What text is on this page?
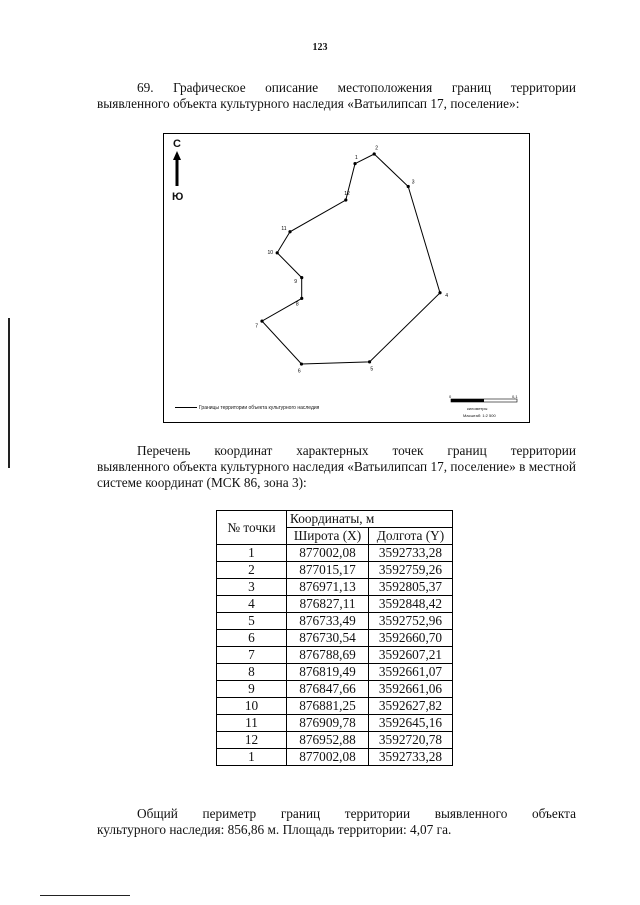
123
69. Графическое описание местоположения границ территории
выявленного объекта культурного наследия «Ватьилипсап 17, поселение»:
С
Ю
1
2
3
4
5
6
7
8
9
10
11
12
0	0,1
километры
Масштаб: 1:2 500
Границы территории объекта культурного наследия
Перечень координат характерных точек границ территории
выявленного объекта культурного наследия «Ватьилипсап 17, поселение» в местной системе координат (МСК 86, зона 3):
№ точки	Координаты, м	
	Широта (X)	Долгота (Y)
1	877002,08	3592733,28
2	877015,17	3592759,26
3	876971,13	3592805,37
4	876827,11	3592848,42
5	876733,49	3592752,96
6	876730,54	3592660,70
7	876788,69	3592607,21
8	876819,49	3592661,07
9	876847,66	3592661,06
10	876881,25	3592627,82
11	876909,78	3592645,16
12	876952,88	3592720,78
1	877002,08	3592733,28
Общий периметр границ территории выявленного объекта
культурного наследия: 856,86 м. Площадь территории: 4,07 га.
